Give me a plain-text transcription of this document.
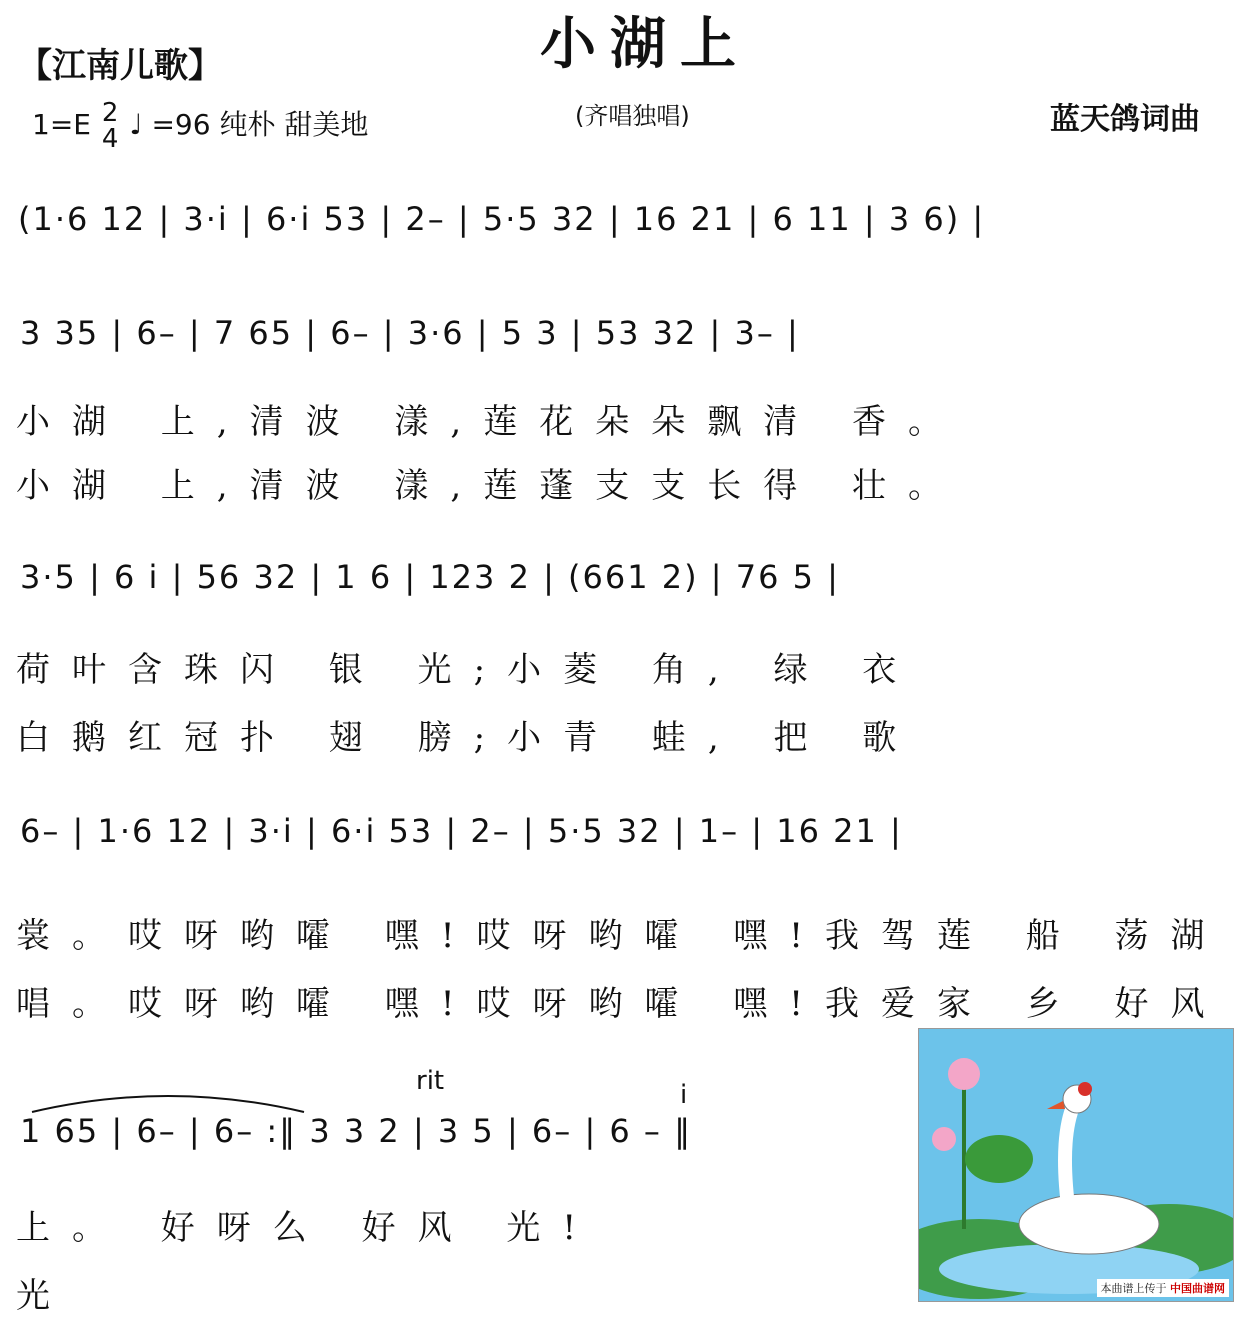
【江南儿歌】	小湖上
1=E 2
4 ♩ =96 纯朴 甜美地	(齐唱独唱)	蓝天鸽词曲
(1·6 12 | 3·i | 6·i 53 | 2– | 5·5 32 | 16 21 | 6 11 | 3 6) |
3 35 | 6– | 7 65 | 6– | 3·6 | 5 3 | 53 32 | 3– |
小湖 上,清波 漾,莲花朵朵飘清 香。
小湖 上,清波 漾,莲蓬支支长得 壮。
3·5 | 6 i | 56 32 | 1 6 | 123 2 | (661 2) | 76 5 |
荷叶含珠闪 银 光;小菱 角, 绿 衣
白鹅红冠扑 翅 膀;小青 蛙, 把 歌
6– | 1·6 12 | 3·i | 6·i 53 | 2– | 5·5 32 | 1– | 16 21 |
裳。哎呀哟嚯 嘿!哎呀哟嚯 嘿!我驾莲 船 荡湖
唱。哎呀哟嚯 嘿!哎呀哟嚯 嘿!我爱家 乡 好风
rit	i
1 65 | 6– | 6– :‖ 3 3 2 | 3 5 | 6– | 6 – ‖
上。 好呀么 好风 光!
光	本曲谱上传于 中国曲谱网
